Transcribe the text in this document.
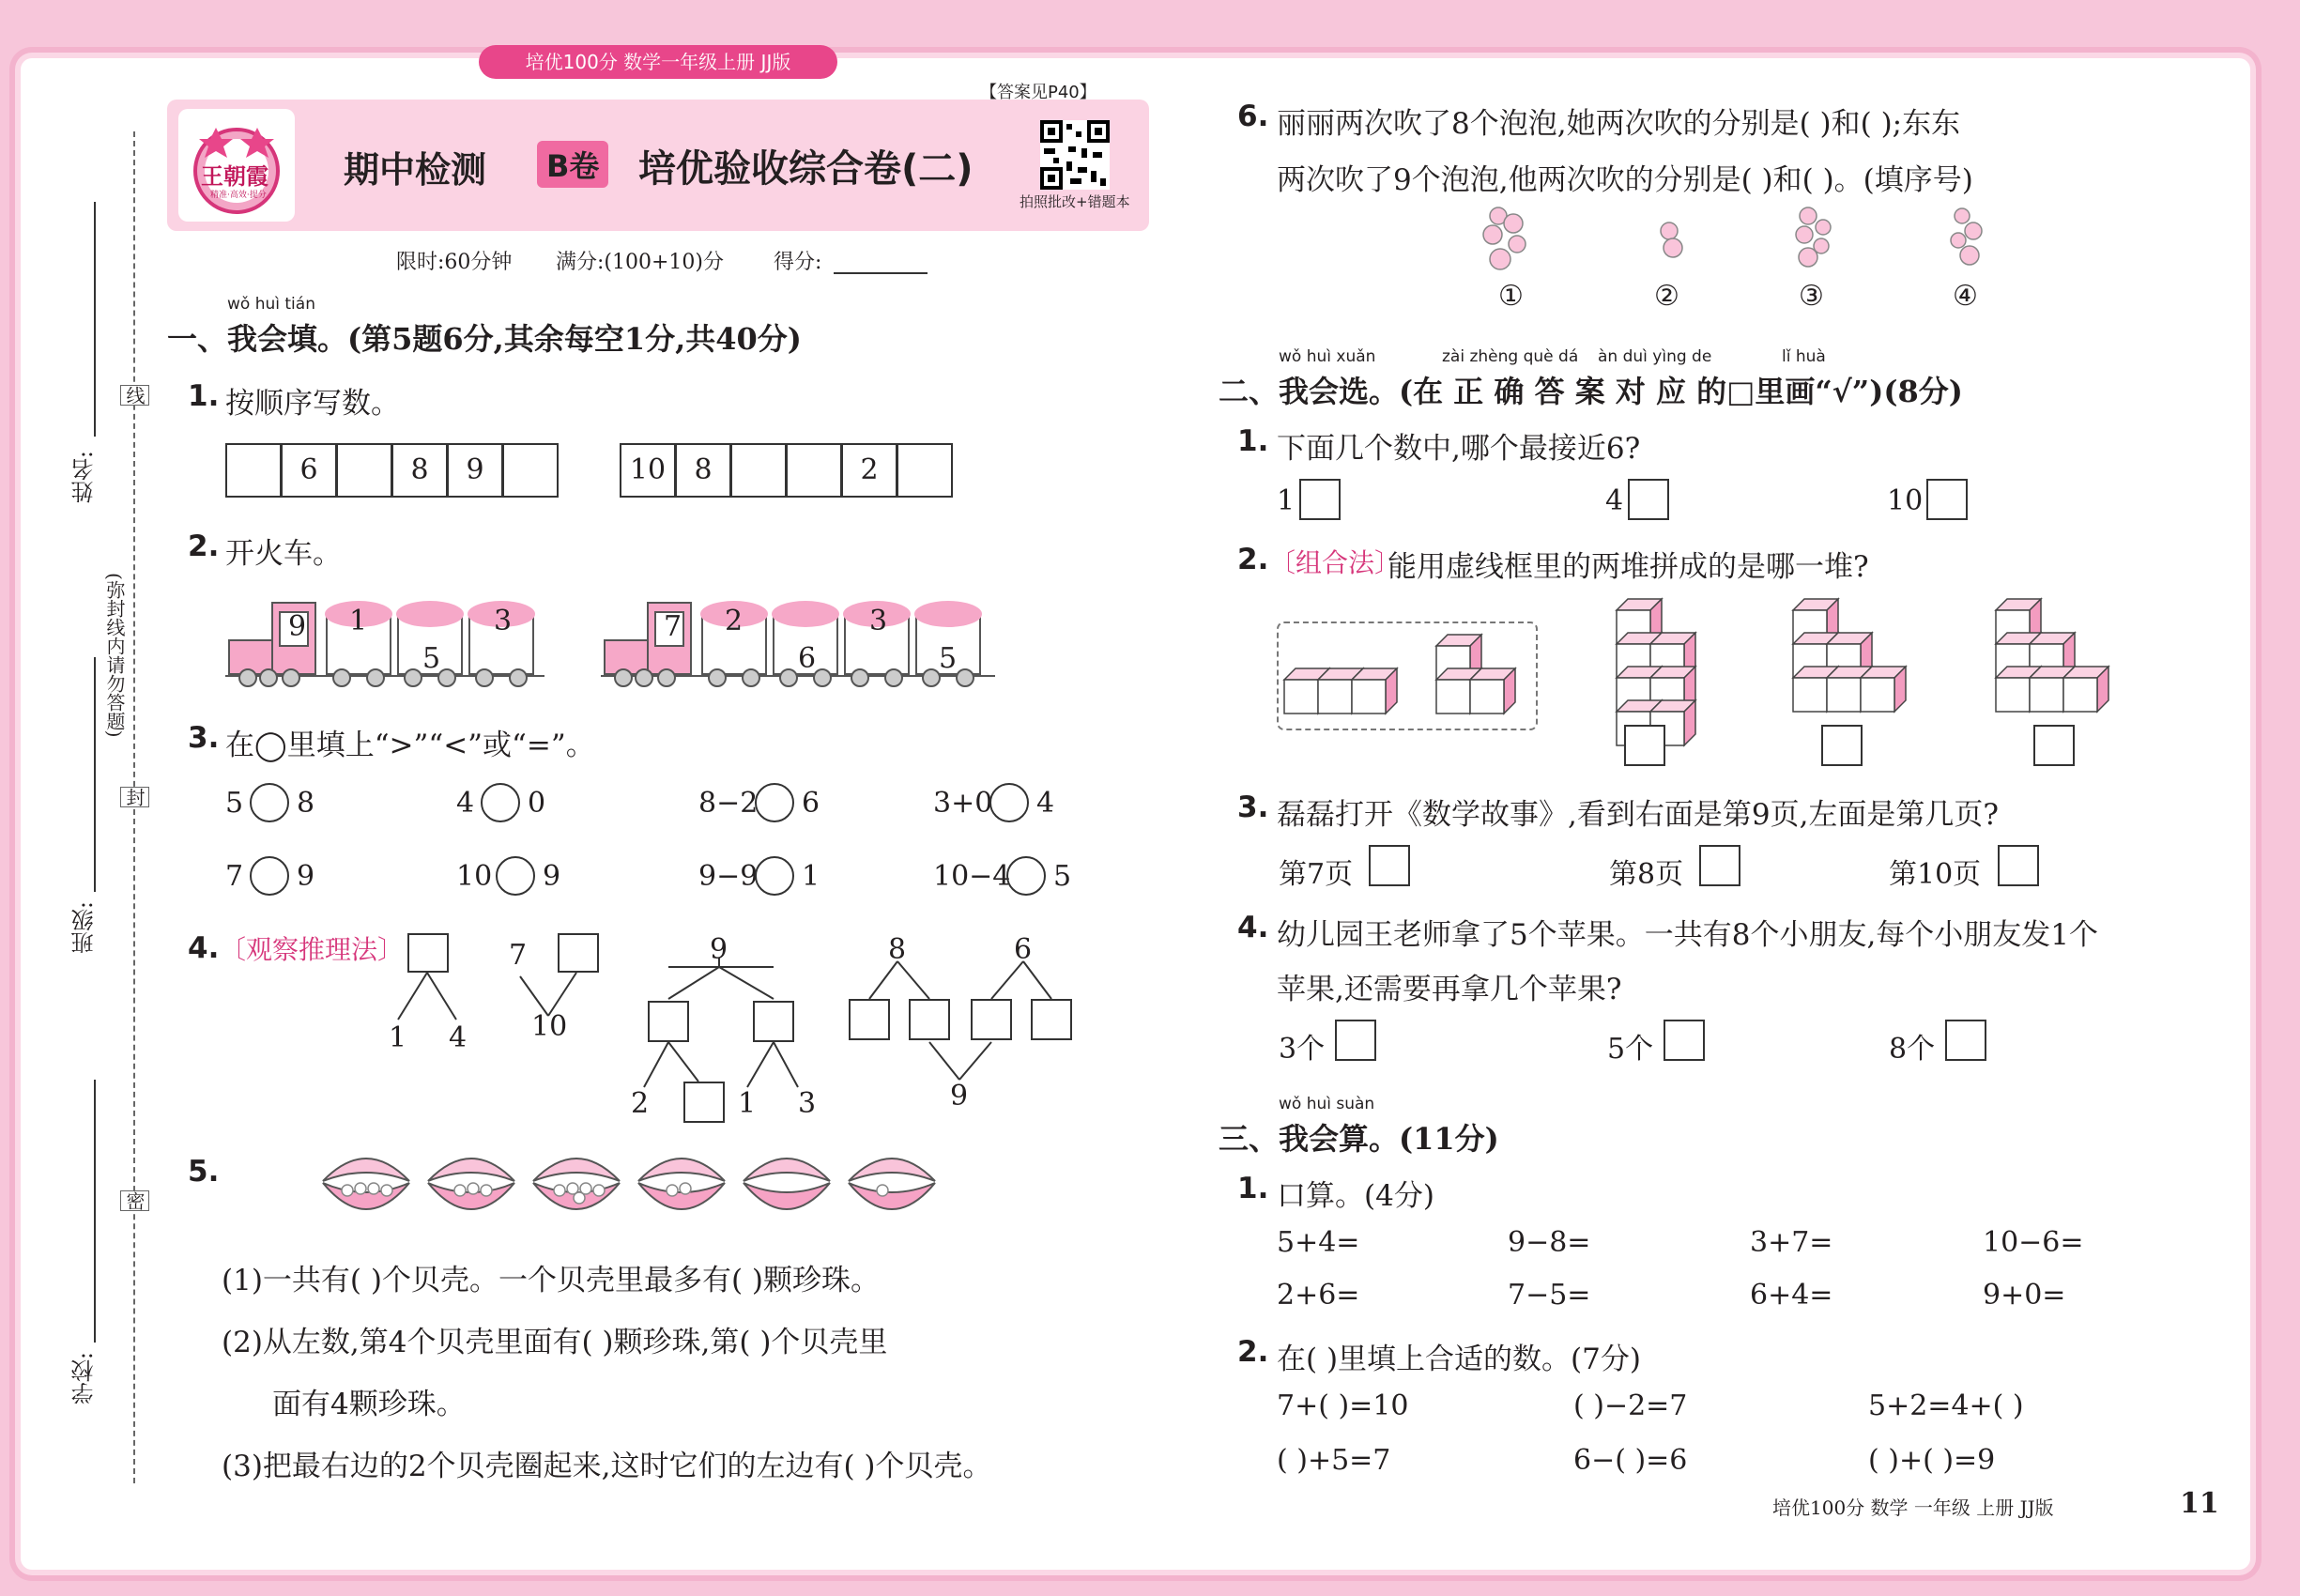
培优100分 数学一年级上册 JJ版
王朝霞
精准·高效·提分
期中检测	B卷 培优验收综合卷(二)
【答案见P40】
拍照批改+错题本
限时:60分钟 满分:(100+10)分 得分:
姓名:
班级:
学校:
线
(弥封线内请勿答题)
封
密
wǒ huì tián
一、我会填。(第5题6分,其余每空1分,共40分)
1. 按顺序写数。
2. 开火车。
9 1
5
3	7 2
6
3
5
3. 在◯里填上“>”“<”或“=”。
4. 〔观察推理法〕
1 4
7
10
9
2	1 3
8	6
9
5.
(1)一共有( )个贝壳。一个贝壳里最多有( )颗珍珠。
(2)从左数,第4个贝壳里面有( )颗珍珠,第( )个贝壳里
面有4颗珍珠。
(3)把最右边的2个贝壳圈起来,这时它们的左边有( )个贝壳。
6. 丽丽两次吹了8个泡泡,她两次吹的分别是( )和( );东东
两次吹了9个泡泡,他两次吹的分别是( )和( )。(填序号)
①	②	③	④
wǒ huì xuǎn	zài zhèng què dá àn duì yìng de	lǐ huà
二、我会选。(在 正 确 答 案 对 应 的□里画“√”)(8分)
1. 下面几个数中,哪个最接近6?
1	4	10
2. 〔组合法〕
能用虚线框里的两堆拼成的是哪一堆?
3. 磊磊打开《数学故事》,看到右面是第9页,左面是第几页?
第7页	第8页	第10页
4. 幼儿园王老师拿了5个苹果。一共有8个小朋友,每个小朋友发1个
苹果,还需要再拿几个苹果?
3个	5个	8个
wǒ huì suàn
三、我会算。(11分)
1. 口算。(4分)
2. 在( )里填上合适的数。(7分)
7+( )=10	( )−2=7	5+2=4+( )
( )+5=7	6−( )=6	( )+( )=9
培优100分 数学 一年级 上册 JJ版	11
6	8	9	10	8	2
5 8	4 0	8−2 6	3+0 4
7 9	10 9	9−9 1	10−4 5
5+4=	9−8=	3+7=	10−6=
2+6=	7−5=	6+4=	9+0=
